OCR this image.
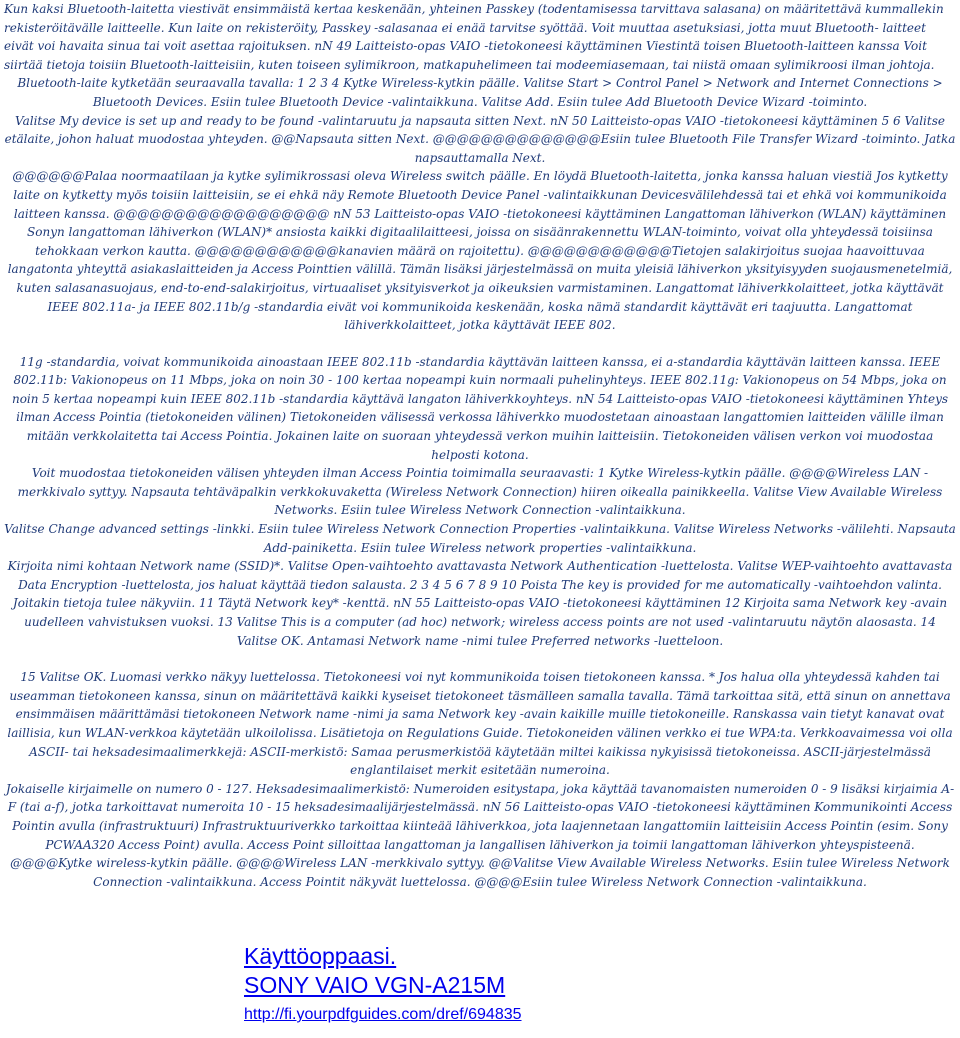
Kun kaksi Bluetooth-laitetta viestivät ensimmäistä kertaa keskenään, yhteinen Passkey (todentamisessa tarvittava salasana) on määritettävä kummallekin rekisteröitävälle laitteelle. Kun laite on rekisteröity, Passkey -salasanaa ei enää tarvitse syöttää. Voit muuttaa asetuksiasi, jotta muut Bluetooth- laitteet eivät voi havaita sinua tai voit asettaa rajoituksen. nN 49 Laitteisto-opas VAIO -tietokoneesi käyttäminen Viestintä toisen Bluetooth-laitteen kanssa Voit siirtää tietoja toisiin Bluetooth-laitteisiin, kuten toiseen sylimikroon, matkapuhelimeen tai modeemiasemaan, tai niistä omaan sylimikroosi ilman johtoja.

Bluetooth-laite kytketään seuraavalla tavalla: 1 2 3 4 Kytke Wireless-kytkin päälle. Valitse Start > Control Panel > Network and Internet Connections > Bluetooth Devices. Esiin tulee Bluetooth Device -valintaikkuna. Valitse Add. Esiin tulee Add Bluetooth Device Wizard -toiminto.

Valitse My device is set up and ready to be found -valintaruutu ja napsauta sitten Next. nN 50 Laitteisto-opas VAIO -tietokoneesi käyttäminen 5 6 Valitse etälaite, johon haluat muodostaa yhteyden. @@Napsauta sitten Next. @@@@@@@@@@@@@@Esiin tulee Bluetooth File Transfer Wizard -toiminto. Jatka napsauttamalla Next.

@@@@@@Palaa noormaatilaan ja kytke sylimikrossasi oleva Wireless switch päälle. En löydä Bluetooth-laitetta, jonka kanssa haluan viestiä Jos kytketty laite on kytketty myös toisiin laitteisiin, se ei ehkä näy Remote Bluetooth Device Panel -valintaikkunan Devicesvälilehdessä tai et ehkä voi kommunikoida laitteen kanssa. @@@@@@@@@@@@@@@@@@ nN 53 Laitteisto-opas VAIO -tietokoneesi käyttäminen Langattoman lähiverkon (WLAN) käyttäminen Sonyn langattoman lähiverkon (WLAN)* ansiosta kaikki digitaalilaitteesi, joissa on sisäänrakennettu WLAN-toiminto, voivat olla yhteydessä toisiinsa tehokkaan verkon kautta. @@@@@@@@@@@@kanavien määrä on rajoitettu). @@@@@@@@@@@@Tietojen salakirjoitus suojaa haavoittuvaa langatonta yhteyttä asiakaslaitteiden ja Access Pointtien välillä. Tämän lisäksi järjestelmässä on muita yleisiä lähiverkon yksityisyyden suojausmenetelmiä, kuten salasanasuojaus, end-to-end-salakirjoitus, virtuaaliset yksityisverkot ja oikeuksien varmistaminen. Langattomat lähiverkkolaitteet, jotka käyttävät IEEE 802.11a- ja IEEE 802.11b/g -standardia eivät voi kommunikoida keskenään, koska nämä standardit käyttävät eri taajuutta. Langattomat lähiverkkolaitteet, jotka käyttävät IEEE 802.

11g -standardia, voivat kommunikoida ainoastaan IEEE 802.11b -standardia käyttävän laitteen kanssa, ei a-standardia käyttävän laitteen kanssa. IEEE 802.11b: Vakionopeus on 11 Mbps, joka on noin 30 - 100 kertaa nopeampi kuin normaali puhelinyhteys. IEEE 802.11g: Vakionopeus on 54 Mbps, joka on noin 5 kertaa nopeampi kuin IEEE 802.11b -standardia käyttävä langaton lähiverkkoyhteys. nN 54 Laitteisto-opas VAIO -tietokoneesi käyttäminen Yhteys ilman Access Pointia (tietokoneiden välinen) Tietokoneiden välisessä verkossa lähiverkko muodostetaan ainoastaan langattomien laitteiden välille ilman mitään verkkolaitetta tai Access Pointia. Jokainen laite on suoraan yhteydessä verkon muihin laitteisiin. Tietokoneiden välisen verkon voi muodostaa helposti kotona.

Voit muodostaa tietokoneiden välisen yhteyden ilman Access Pointia toimimalla seuraavasti: 1 Kytke Wireless-kytkin päälle. @@@@Wireless LAN -merkkivalo syttyy. Napsauta tehtäväpalkin verkkokuvaketta (Wireless Network Connection) hiiren oikealla painikkeella. Valitse View Available Wireless Networks. Esiin tulee Wireless Network Connection -valintaikkuna.

Valitse Change advanced settings -linkki. Esiin tulee Wireless Network Connection Properties -valintaikkuna. Valitse Wireless Networks -välilehti. Napsauta Add-painiketta. Esiin tulee Wireless network properties -valintaikkuna.

Kirjoita nimi kohtaan Network name (SSID)*. Valitse Open-vaihtoehto avattavasta Network Authentication -luettelosta. Valitse WEP-vaihtoehto avattavasta Data Encryption -luettelosta, jos haluat käyttää tiedon salausta. 2 3 4 5 6 7 8 9 10 Poista The key is provided for me automatically -vaihtoehdon valinta. Joitakin tietoja tulee näkyviin. 11 Täytä Network key* -kenttä. nN 55 Laitteisto-opas VAIO -tietokoneesi käyttäminen 12 Kirjoita sama Network key -avain uudelleen vahvistuksen vuoksi. 13 Valitse This is a computer (ad hoc) network; wireless access points are not used -valintaruutu näytön alaosasta. 14 Valitse OK. Antamasi Network name -nimi tulee Preferred networks -luetteloon.

15 Valitse OK. Luomasi verkko näkyy luettelossa. Tietokoneesi voi nyt kommunikoida toisen tietokoneen kanssa. * Jos halua olla yhteydessä kahden tai useamman tietokoneen kanssa, sinun on määritettävä kaikki kyseiset tietokoneet täsmälleen samalla tavalla. Tämä tarkoittaa sitä, että sinun on annettava ensimmäisen määrittämäsi tietokoneen Network name -nimi ja sama Network key -avain kaikille muille tietokoneille. Ranskassa vain tietyt kanavat ovat laillisia, kun WLAN-verkkoa käytetään ulkoilolissa. Lisätietoja on Regulations Guide. Tietokoneiden välinen verkko ei tue WPA:ta. Verkkoavaimessa voi olla ASCII- tai heksadesimaalimerkkejä: ASCII-merkistö: Samaa perusmerkistöä käytetään miltei kaikissa nykyisissä tietokoneissa. ASCII-järjestelmässä englantilaiset merkit esitetään numeroina.

Jokaiselle kirjaimelle on numero 0 - 127. Heksadesimaalimerkistö: Numeroiden esitystapa, joka käyttää tavanomaisten numeroiden 0 - 9 lisäksi kirjaimia A-F (tai a-f), jotka tarkoittavat numeroita 10 - 15 heksadesimaalijärjestelmässä. nN 56 Laitteisto-opas VAIO -tietokoneesi käyttäminen Kommunikointi Access Pointin avulla (infrastruktuuri) Infrastruktuuriverkko tarkoittaa kiinteää lähiverkkoa, jota laajennetaan langattomiin laitteisiin Access Pointin (esim. Sony PCWAA320 Access Point) avulla. Access Point silloittaa langattoman ja langallisen lähiverkon ja toimii langattoman lähiverkon yhteyspisteenä.

@@@@Kytke wireless-kytkin päälle. @@@@Wireless LAN -merkkivalo syttyy. @@Valitse View Available Wireless Networks. Esiin tulee Wireless Network Connection -valintaikkuna. Access Pointit näkyvät luettelossa. @@@@Esiin tulee Wireless Network Connection -valintaikkuna.

Käyttöoppaasi.
SONY VAIO VGN-A215M
http://fi.yourpdfguides.com/dref/694835
